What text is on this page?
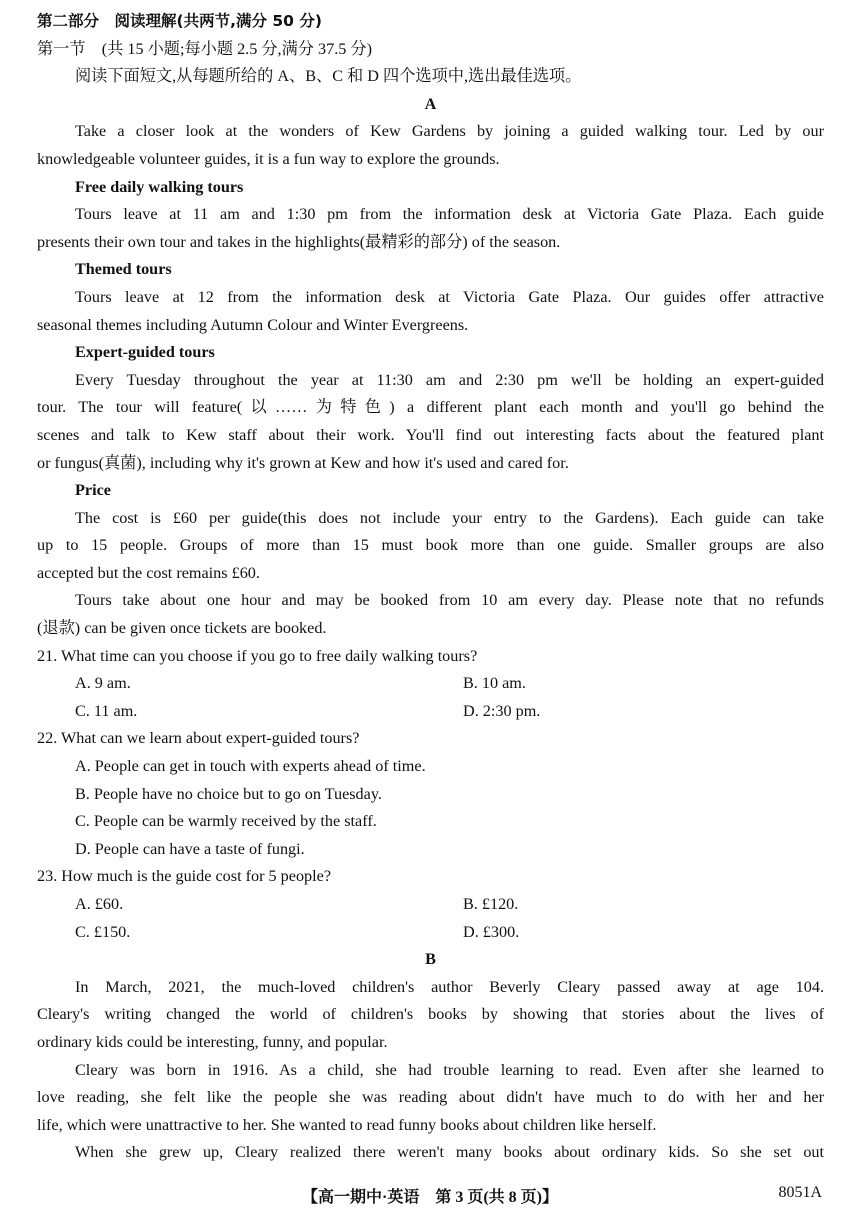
第二部分　阅读理解(共两节,满分 50 分)
第一节　(共 15 小题;每小题 2.5 分,满分 37.5 分)
阅读下面短文,从每题所给的 A、B、C 和 D 四个选项中,选出最佳选项。
A
Take a closer look at the wonders of Kew Gardens by joining a guided walking tour. Led by our
knowledgeable volunteer guides, it is a fun way to explore the grounds.
Free daily walking tours
Tours leave at 11 am and 1:30 pm from the information desk at Victoria Gate Plaza. Each guide
presents their own tour and takes in the highlights(最精彩的部分) of the season.
Themed tours
Tours leave at 12 from the information desk at Victoria Gate Plaza. Our guides offer attractive
seasonal themes including Autumn Colour and Winter Evergreens.
Expert-guided tours
Every Tuesday throughout the year at 11:30 am and 2:30 pm we'll be holding an expert-guided
tour. The tour will feature(以……为特色) a different plant each month and you'll go behind the
scenes and talk to Kew staff about their work. You'll find out interesting facts about the featured plant
or fungus(真菌), including why it's grown at Kew and how it's used and cared for.
Price
The cost is £60 per guide(this does not include your entry to the Gardens). Each guide can take
up to 15 people. Groups of more than 15 must book more than one guide. Smaller groups are also
accepted but the cost remains £60.
Tours take about one hour and may be booked from 10 am every day. Please note that no refunds
(退款) can be given once tickets are booked.
21. What time can you choose if you go to free daily walking tours?
A. 9 am.	B. 10 am.
C. 11 am.	D. 2:30 pm.
22. What can we learn about expert-guided tours?
A. People can get in touch with experts ahead of time.
B. People have no choice but to go on Tuesday.
C. People can be warmly received by the staff.
D. People can have a taste of fungi.
23. How much is the guide cost for 5 people?
A. £60.	B. £120.
C. £150.	D. £300.
B
In March, 2021, the much-loved children's author Beverly Cleary passed away at age 104.
Cleary's writing changed the world of children's books by showing that stories about the lives of
ordinary kids could be interesting, funny, and popular.
Cleary was born in 1916. As a child, she had trouble learning to read. Even after she learned to
love reading, she felt like the people she was reading about didn't have much to do with her and her
life, which were unattractive to her. She wanted to read funny books about children like herself.
When she grew up, Cleary realized there weren't many books about ordinary kids. So she set out
【高一期中·英语　第 3 页(共 8 页)】	8051A
